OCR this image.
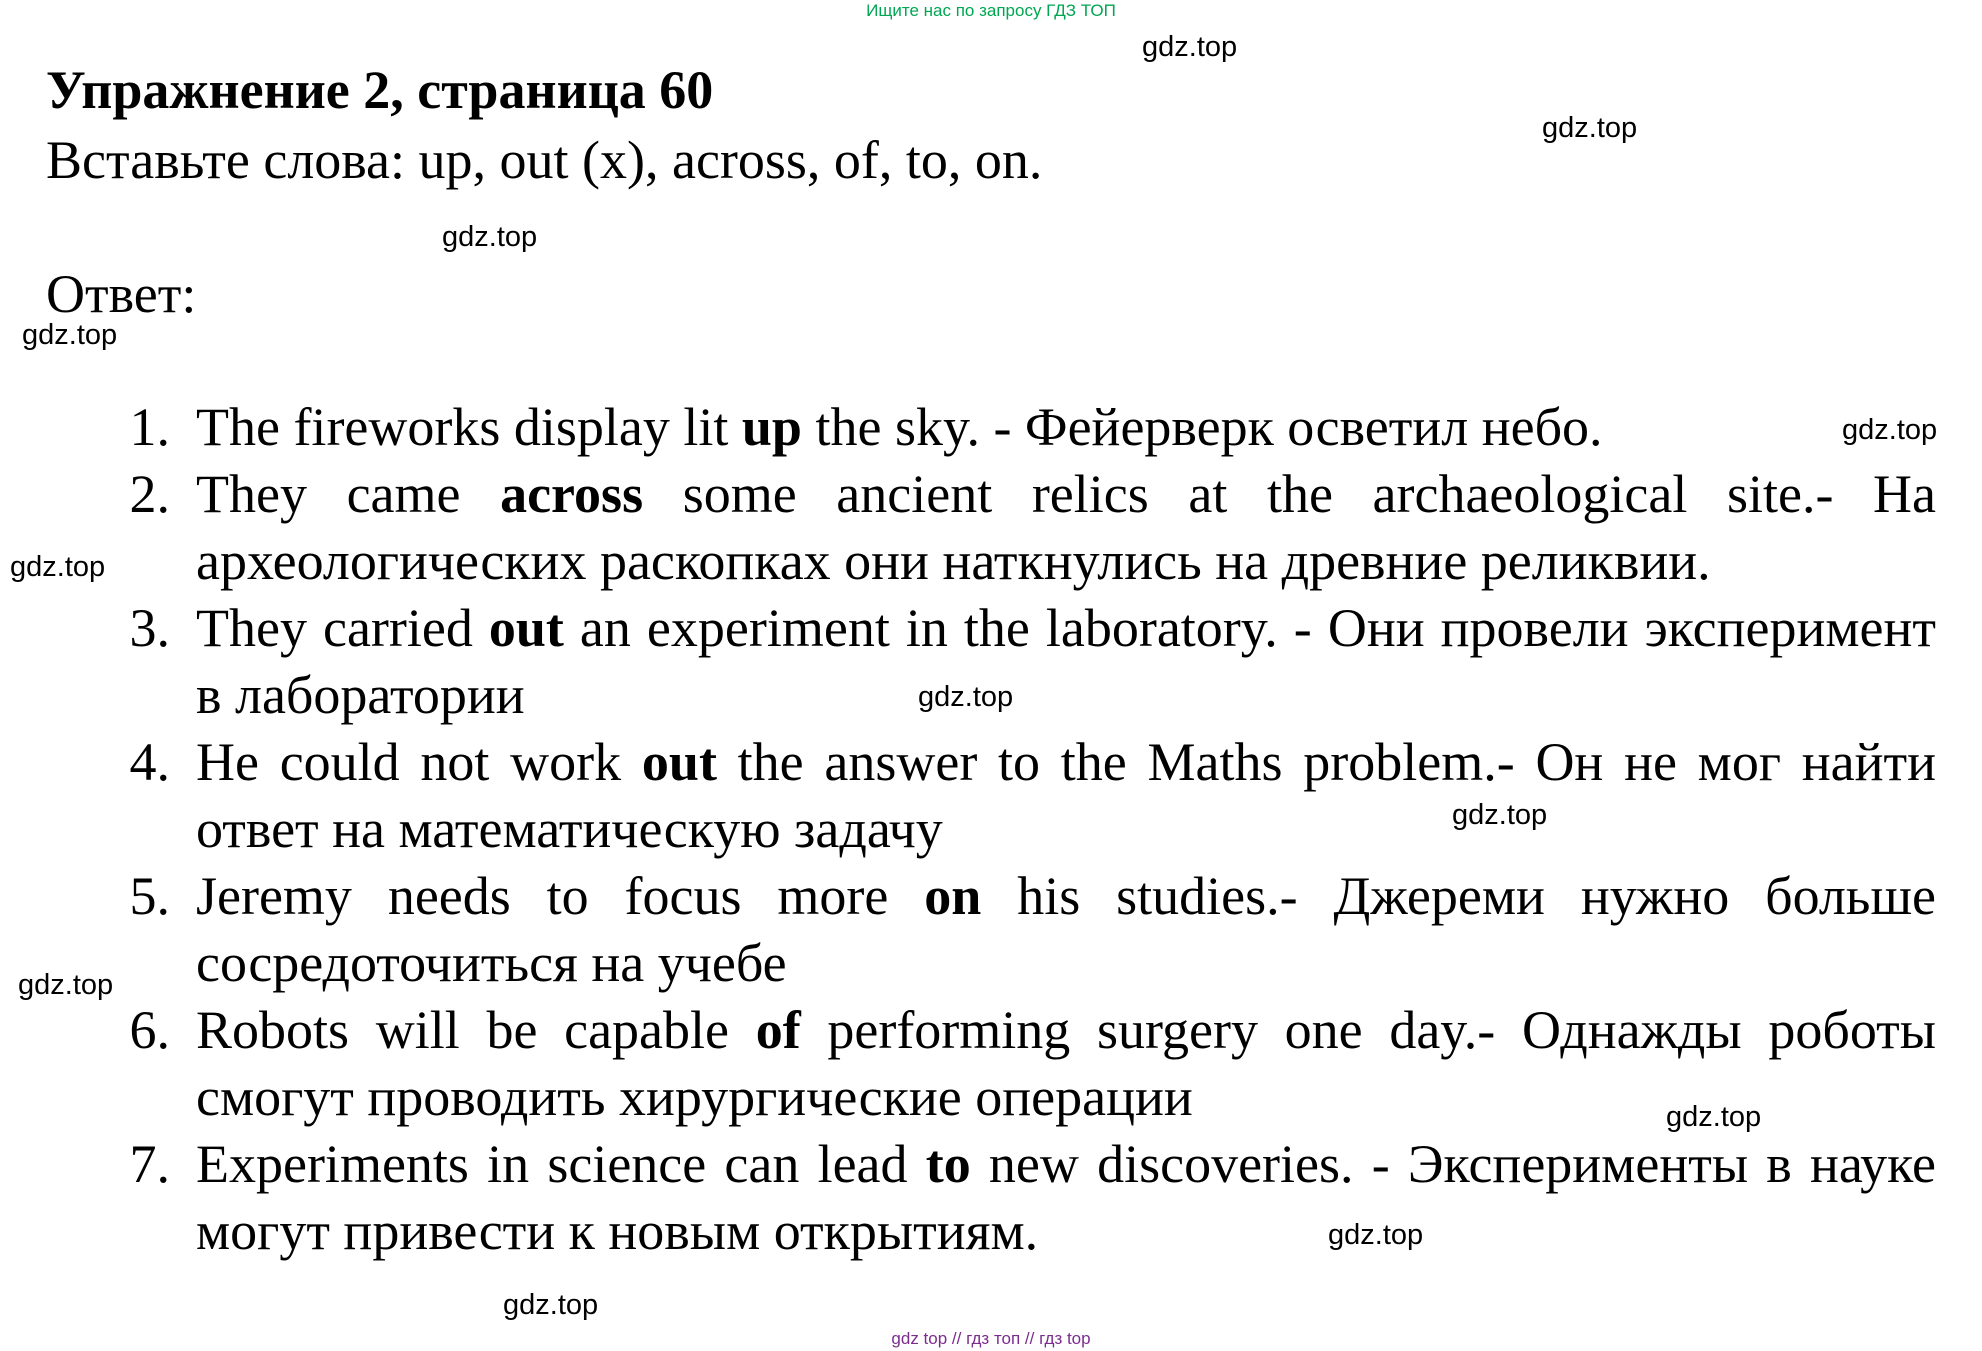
Ищите нас по запросу ГДЗ ТОП
Упражнение 2, страница 60

Вставьте слова: up, out (x), across, of, to, on.

Ответ:

1. The fireworks display lit up the sky. - Фейерверк осветил небо.
2. They came across some ancient relics at the archaeological site.- На археологических раскопках они наткнулись на древние реликвии.
3. They carried out an experiment in the laboratory. - Они провели эксперимент в лаборатории
4. He could not work out the answer to the Maths problem.- Он не мог найти ответ на математическую задачу
5. Jeremy needs to focus more on his studies.- Джереми нужно больше сосредоточиться на учебе
6. Robots will be capable of performing surgery one day.- Однажды роботы смогут проводить хирургические операции
7. Experiments in science can lead to new discoveries. - Эксперименты в науке могут привести к новым открытиям.
gdz.top
gdz.top
gdz.top
gdz.top
gdz.top
gdz.top
gdz.top
gdz.top
gdz.top
gdz.top
gdz.top
gdz.top
gdz top // гдз топ // гдз top
